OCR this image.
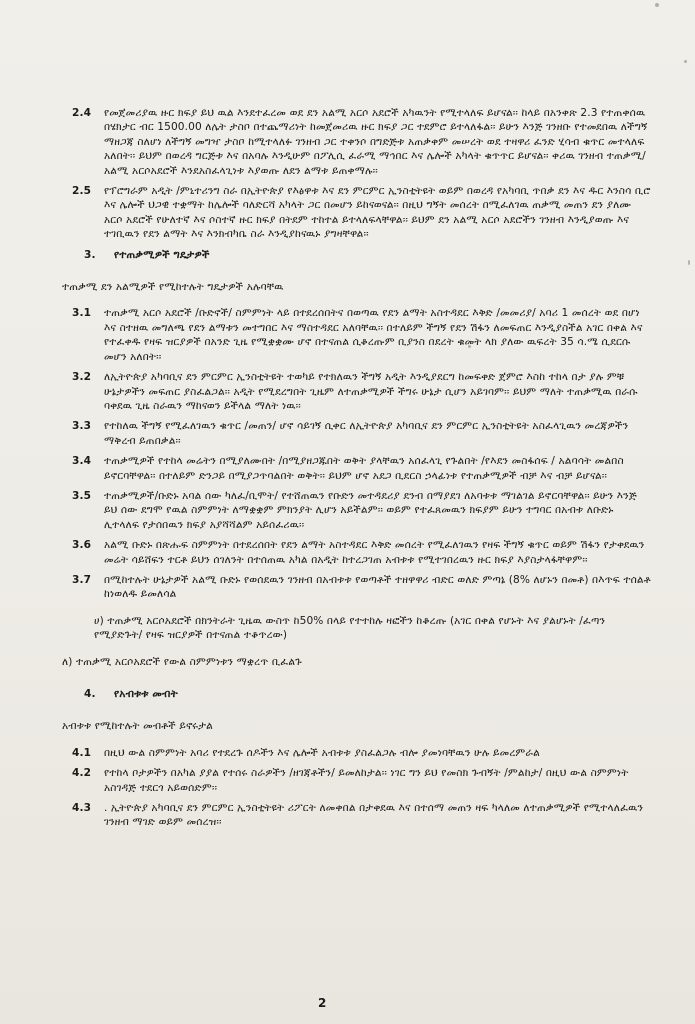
2.4 የመጀመሪያዉ ዙር ክፍያ ይህ ዉል እንደተፈረመ ወደ ደን አልሚ አርሶ አደሮች አካዉንት የሚተላለፍ ይሆናል፡፡ ከላይ በአንቀጽ 2.3 የተጠቀሰዉ በሄክታር ብር 1500.00 ለሌት ታስቦ በተጨማሪነት ከመጀመሪዉ ዙር ክፍያ ጋር ተደምሮ ይተላለፋል፡፡ ይሁን እንጅ ገንዘቡ የተመደበዉ ለችግኝ ማዘጋጃ ስለሆነ ለችግኝ መግዣ ታስቦ ከሚተላለፉ ገንዘብ ጋር ተቀንሶ በግድጅቱ አጠቃቀም መሠረት ወደ ተዛዋሪ ፈንድ ሂሳብ ቁጥር መተላለፍ አለበት፡፡ ይህም በወረዳ ግርጅቱ እና በአባሉ እንዲሁም በፖሊሲ ፈራሚ ማኅበር እና ሌሎች አካላት ቁጥጥር ይሆናል፡፡ ቀሪዉ ገንዘብ ተጠቃሚ/አልሚ አርሶአደሮች እንደአስፈላጊነቱ እያወጡ ለደን ልማቱ ይጠቀማሉ፡፡
2.5 የፕሮግራም አዲት /ምኒተሪንግ ስራ በኢትዮጵያ የእፅዋቱ እና ደን ምርምር ኢንስቲትዩት ወይም በወረዳ የአካባቢ ጥበቃ ደን እና ዱር እንስሳ ቢሮ እና ሌሎች ህጋዊ ተቋማት ከሌሎች ባለድርሻ አካላት ጋር በመሆን ይከናወናል፡፡ በዚህ ግኝት መሰረት በሚፈለገዉ ጠቃሚ መጠን ደን ያለሙ አርሶ አደሮች የሁለተኛ እና ሶስተኛ ዙር ክፍያ በትደም ተከተል ይተላለፍላቸዋል፡፡ ይህም ደን አልሚ አርሶ አደሮችን ገንዘብ እንዲያወጡ እና ተገቢዉን የደን ልማት እና እንክብካቤ ስራ እንዲያከናዉኑ ያግዛቸዋል፡፡
3. የተጠቃሚዎች ግዴታዎች
ተጠቃሚ ደን አልሚዎች የሚከተሉት ግዴታዎች አሉባቸዉ
3.1 ተጠቃሚ አርሶ አደሮች /ቡድኖች/ ስምምነት ላይ በተደረሰበትና በወጣዉ የደን ልማት አስተዳደር እቅድ /መመሪያ/ አባሪ 1 መሰረት ወደ በሆነ እና ስተዘዉ መግለጫ የደን ልማቱን መተግበር እና ማስተዳደር አለባቸዉ፡፡ በተለይም ችግኝ የደን ሽፋን ለመፍጠር እንዲያስችል አገር በቀል እና የተፈቀዱ የዛፍ ዝርያዎች በአንድ ጊዜ የሚቋቋሙ ሆኖ በተናጠል ሲቆረጡም ቢያንስ በደረት ቁመት ላክ ያለው ዉፍረት 35 ሳ.ሜ ሲደርሱ መሆን አለበት፡፡
3.2 ለኢትዮጵያ አካባቢና ደን ምርምር ኢንስቲትዩት ተወካይ የተክለዉን ችግኝ አዲት እንዲያደርግ ከመፍቀድ ጀምሮ እስከ ተከላ በታ ያሉ ምቹ ሁኔታዎችን መፍጠር ያስፈልጋል፡፡ አዲት የሚደረግበት ጊዜም ለተጠቃሚዎች ችግሩ ሁኔታ ሲሆን አይገባም፡፡ ይህም ማለት ተጠቃሚዉ በራሱ ባቀደዉ ጊዜ ስራዉን ማከናወን ይችላል ማለት ነዉ፡፡
3.3 የተከለዉ ችግኝ የሚፈለገዉን ቁጥር /መጠን/ ሆኖ ሳይገኝ ሲቀር ለኢትዮጵያ አካባቢና ደን ምርምር ኢንስቲትዩት አስፈላጊዉን መረጃዎችን ማቅረብ ይጠበቃል፡፡
3.4 ተጠቃሚዎች የተከላ መሬትን በሚያለሙበት /በሚያዘጋጁበት ወቅት ያላቸዉን አሰፈላጊ የጉልበት /የእደን መስፋሰፍ / አልባሳት መልበስ ይኖርባቸዋል፡፡ በተለይም ድንጋይ በሚያጋጥባልበት ወቅት፡፡ ይህም ሆኖ አደጋ ቢደርስ ኃላፊነቱ የተጠቃሚዎች ብቻ እና ብቻ ይሆናል፡፡
3.5 ተጠቃሚዎች/ቡድኑ አባል ሰው ካለፈ/ቢሞት/ የተሸጠዉን የቡድን መተዳደሪያ ደንብ በማያደገ ለአባቱቱ ማገልገል ይኖርባቸዋል፡፡ ይሁን እንጅ ይህ ሰው ደግሞ የዉል ስምምነት ለማቋቋም ምክንያት ሊሆን አይችልም፡፡ ወይም የተፈጸመዉን ክፍያም ይሁን ተግባር በአብቱ ለቡድኑ ሊተላለፍ የታሰበዉን ክፍያ አያሻሻልም አይሰፈሪዉ፡፡
3.6 አልሚ ቡድኑ በጽሑፍ ስምምነት በተደረሰበት የደን ልማት አስተዳደር እቅድ መሰረት የሚፈለገዉን የዛፍ ችግኝ ቁጥር ወይም ሽፋን የታቀደዉን መሬት ሳይሸፍን ተርቶ ይህን ሰገለንት በተሰጠዉ አካል በአዲት ከተረጋገጠ አብቱቱ የሚተገበረዉን ዙር ክፍያ እያስታላፋቸዋም፡፡
3.7 በሚከተሉት ሁኔታዎች አልሚ ቡድኑ የወሰደዉን ገንዘብ በአብቱቱ የወጣቶች ተዘዋዋሪ ብድር ወለድ ምጣኔ (8% ለሆኑን በመቶ) በእጥፍ ተሰልቶ ከነወለዱ ይመለሳል
ሀ) ተጠቃሚ አርሶአደሮች በክንትራት ጊዜዉ ውስጥ ከ50% በላይ የተተከሉ ዛፎችን ከቆረጡ (አገር በቀል የሆኑት እና ያልሆኑት /ፈጣን የሚያድጉት/ የዛፍ ዝርያዎች በተናጠል ተቆጥረው)
ለ) ተጠቃሚ አርሶአደሮች የውል ስምምነቱን ማቋረጥ ቢፈልጉ
4. የአብቱቱ መብት
አብቱቱ የሚከተሉት መብቶች ይኖሩታል
4.1 በዚህ ውል ስምምነት አባሪ የተደረጉ ሰዶችን እና ሌሎች አብቱቱ ያስፈልጋሉ ብሎ ያመነባቸዉን ሁሉ ይመረምራል
4.2 የተከላ ቦታዎችን በአካል ያያል የተሰሩ ስራዎችን /ዘገጃቶችን/ ይመለከታል፡፡ ነገር ግን ይህ የመስክ ጉብኝት /ምልከታ/ በዚህ ውል ስምምነት አስገዳጅ ተደርጎ አይወሰድም፡፡
4.3 . ኢትዮጵያ አካባቢና ደን ምርምር ኢንስቲትዩት ሪፖርት ለመቀበል በታቀደዉ እና በተሰማ መጠን ዛፍ ካላለመ ለተጠቃሚዎች የሚተላለፈዉን ገንዘብ ማገድ ወይም መሰረዝ፡፡
2
